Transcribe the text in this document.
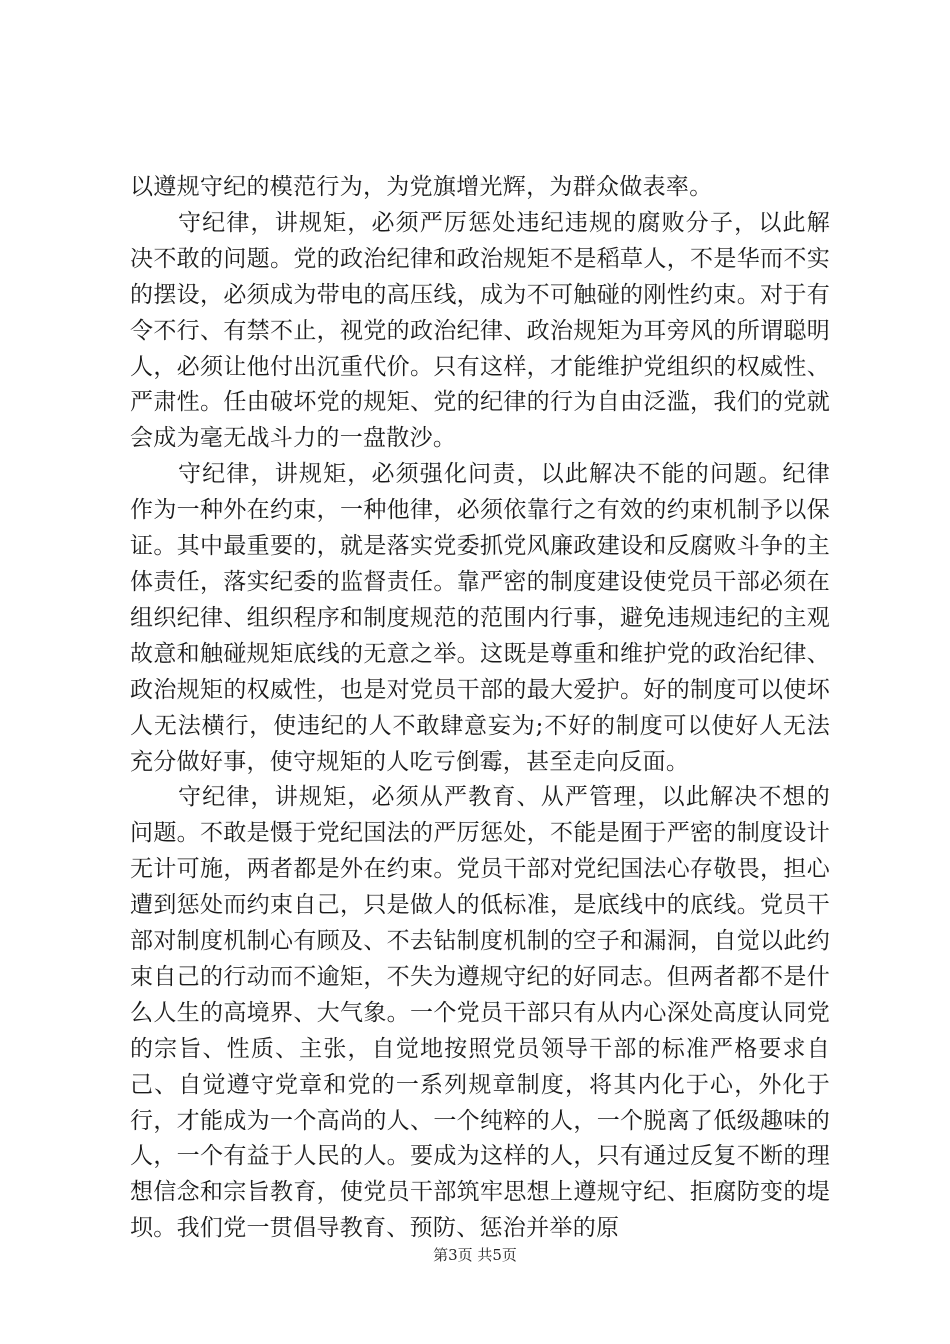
以遵规守纪的模范行为，为党旗增光辉，为群众做表率。

守纪律，讲规矩，必须严厉惩处违纪违规的腐败分子，以此解决不敢的问题。党的政治纪律和政治规矩不是稻草人，不是华而不实的摆设，必须成为带电的高压线，成为不可触碰的刚性约束。对于有令不行、有禁不止，视党的政治纪律、政治规矩为耳旁风的所谓聪明人，必须让他付出沉重代价。只有这样，才能维护党组织的权威性、严肃性。任由破坏党的规矩、党的纪律的行为自由泛滥，我们的党就会成为毫无战斗力的一盘散沙。

守纪律，讲规矩，必须强化问责，以此解决不能的问题。纪律作为一种外在约束，一种他律，必须依靠行之有效的约束机制予以保证。其中最重要的，就是落实党委抓党风廉政建设和反腐败斗争的主体责任，落实纪委的监督责任。靠严密的制度建设使党员干部必须在组织纪律、组织程序和制度规范的范围内行事，避免违规违纪的主观故意和触碰规矩底线的无意之举。这既是尊重和维护党的政治纪律、政治规矩的权威性，也是对党员干部的最大爱护。好的制度可以使坏人无法横行，使违纪的人不敢肆意妄为;不好的制度可以使好人无法充分做好事，使守规矩的人吃亏倒霉，甚至走向反面。

守纪律，讲规矩，必须从严教育、从严管理，以此解决不想的问题。不敢是慑于党纪国法的严厉惩处，不能是囿于严密的制度设计无计可施，两者都是外在约束。党员干部对党纪国法心存敬畏，担心遭到惩处而约束自己，只是做人的低标准，是底线中的底线。党员干部对制度机制心有顾及、不去钻制度机制的空子和漏洞，自觉以此约束自己的行动而不逾矩，不失为遵规守纪的好同志。但两者都不是什么人生的高境界、大气象。一个党员干部只有从内心深处高度认同党的宗旨、性质、主张，自觉地按照党员领导干部的标准严格要求自己、自觉遵守党章和党的一系列规章制度，将其内化于心，外化于行，才能成为一个高尚的人、一个纯粹的人，一个脱离了低级趣味的人，一个有益于人民的人。要成为这样的人，只有通过反复不断的理想信念和宗旨教育，使党员干部筑牢思想上遵规守纪、拒腐防变的堤坝。我们党一贯倡导教育、预防、惩治并举的原

第3页 共5页
